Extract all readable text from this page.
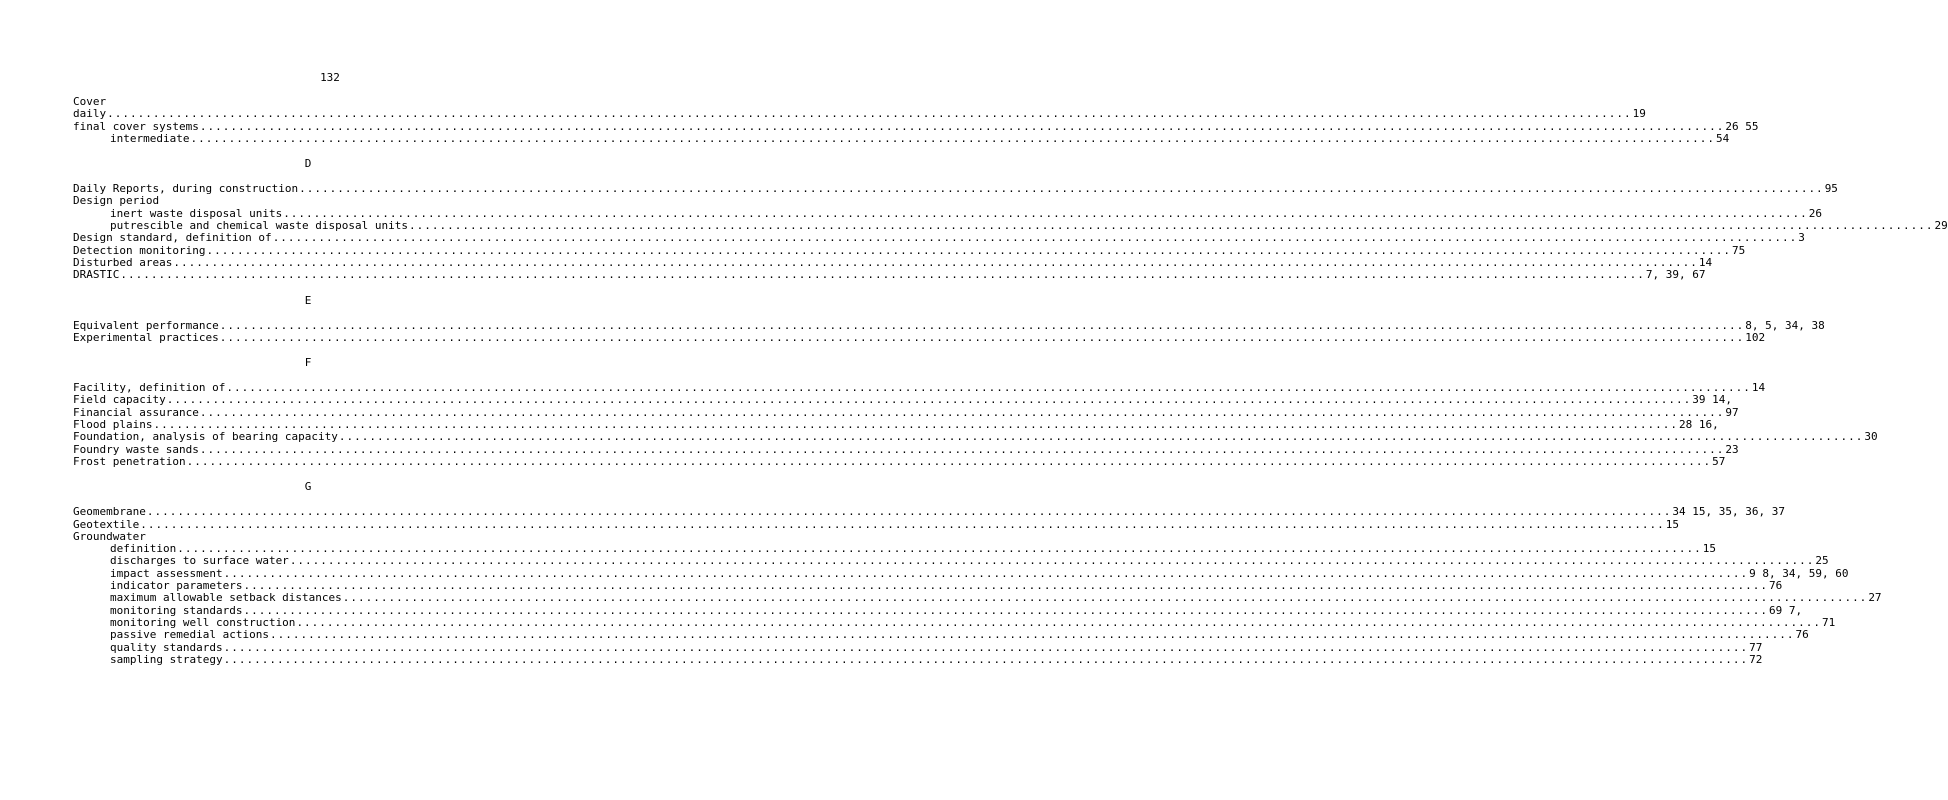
132
Cover
daily ........................................................................................................................................................................................................ 19
final cover systems ........................................................................................................................................................................................................ 26 55
intermediate ........................................................................................................................................................................................................ 54
D
Daily Reports, during construction ........................................................................................................................................................................................................ 95
Design period
inert waste disposal units ........................................................................................................................................................................................................ 26
putrescible and chemical waste disposal units ........................................................................................................................................................................................................ 29
Design standard, definition of ........................................................................................................................................................................................................ 3
Detection monitoring ........................................................................................................................................................................................................ 75
Disturbed areas ........................................................................................................................................................................................................ 14
DRASTIC ........................................................................................................................................................................................................ 7, 39, 67
E
Equivalent performance ........................................................................................................................................................................................................ 8, 5, 34, 38
Experimental practices ........................................................................................................................................................................................................ 102
F
Facility, definition of ........................................................................................................................................................................................................ 14
Field capacity ........................................................................................................................................................................................................ 39 14,
Financial assurance ........................................................................................................................................................................................................ 97
Flood plains ........................................................................................................................................................................................................ 28 16,
Foundation, analysis of bearing capacity ........................................................................................................................................................................................................ 30
Foundry waste sands ........................................................................................................................................................................................................ 23
Frost penetration ........................................................................................................................................................................................................ 57
G
Geomembrane ........................................................................................................................................................................................................ 34 15, 35, 36, 37
Geotextile ........................................................................................................................................................................................................ 15
Groundwater
definition ........................................................................................................................................................................................................ 15
discharges to surface water ........................................................................................................................................................................................................ 25
impact assessment ........................................................................................................................................................................................................ 9 8, 34, 59, 60
indicator parameters ........................................................................................................................................................................................................ 76
maximum allowable setback distances ........................................................................................................................................................................................................ 27
monitoring standards ........................................................................................................................................................................................................ 69 7,
monitoring well construction ........................................................................................................................................................................................................ 71
passive remedial actions ........................................................................................................................................................................................................ 76
quality standards ........................................................................................................................................................................................................ 77
sampling strategy ........................................................................................................................................................................................................ 72
